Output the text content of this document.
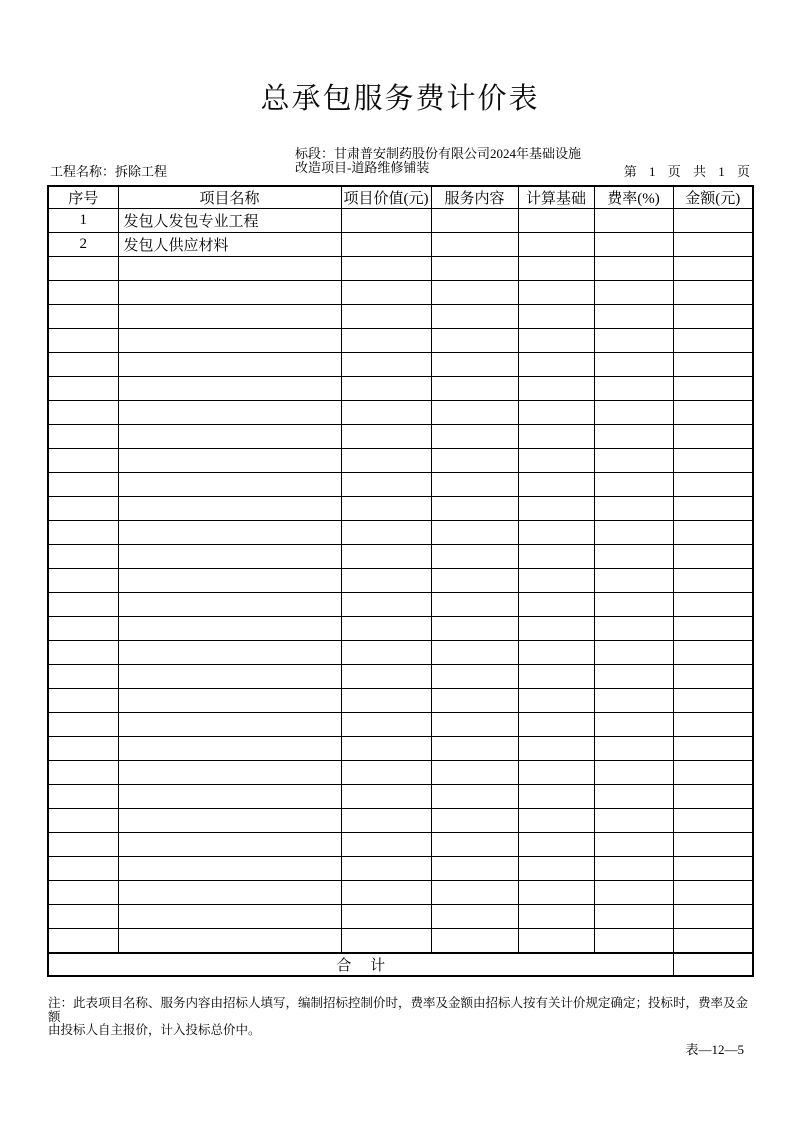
总承包服务费计价表
工程名称：拆除工程
标段：甘肃普安制药股份有限公司2024年基础设施
改造项目-道路维修铺装	第 1 页 共 1 页
序号	项目名称	项目价值(元)	服务内容	计算基础	费率(%)	金额(元)
1	发包人发包专业工程					
2	发包人供应材料					

合     计						
注：此表项目名称、服务内容由招标人填写，编制招标控制价时，费率及金额由招标人按有关计价规定确定；投标时，费率及金额
由投标人自主报价，计入投标总价中。
表—12—5
